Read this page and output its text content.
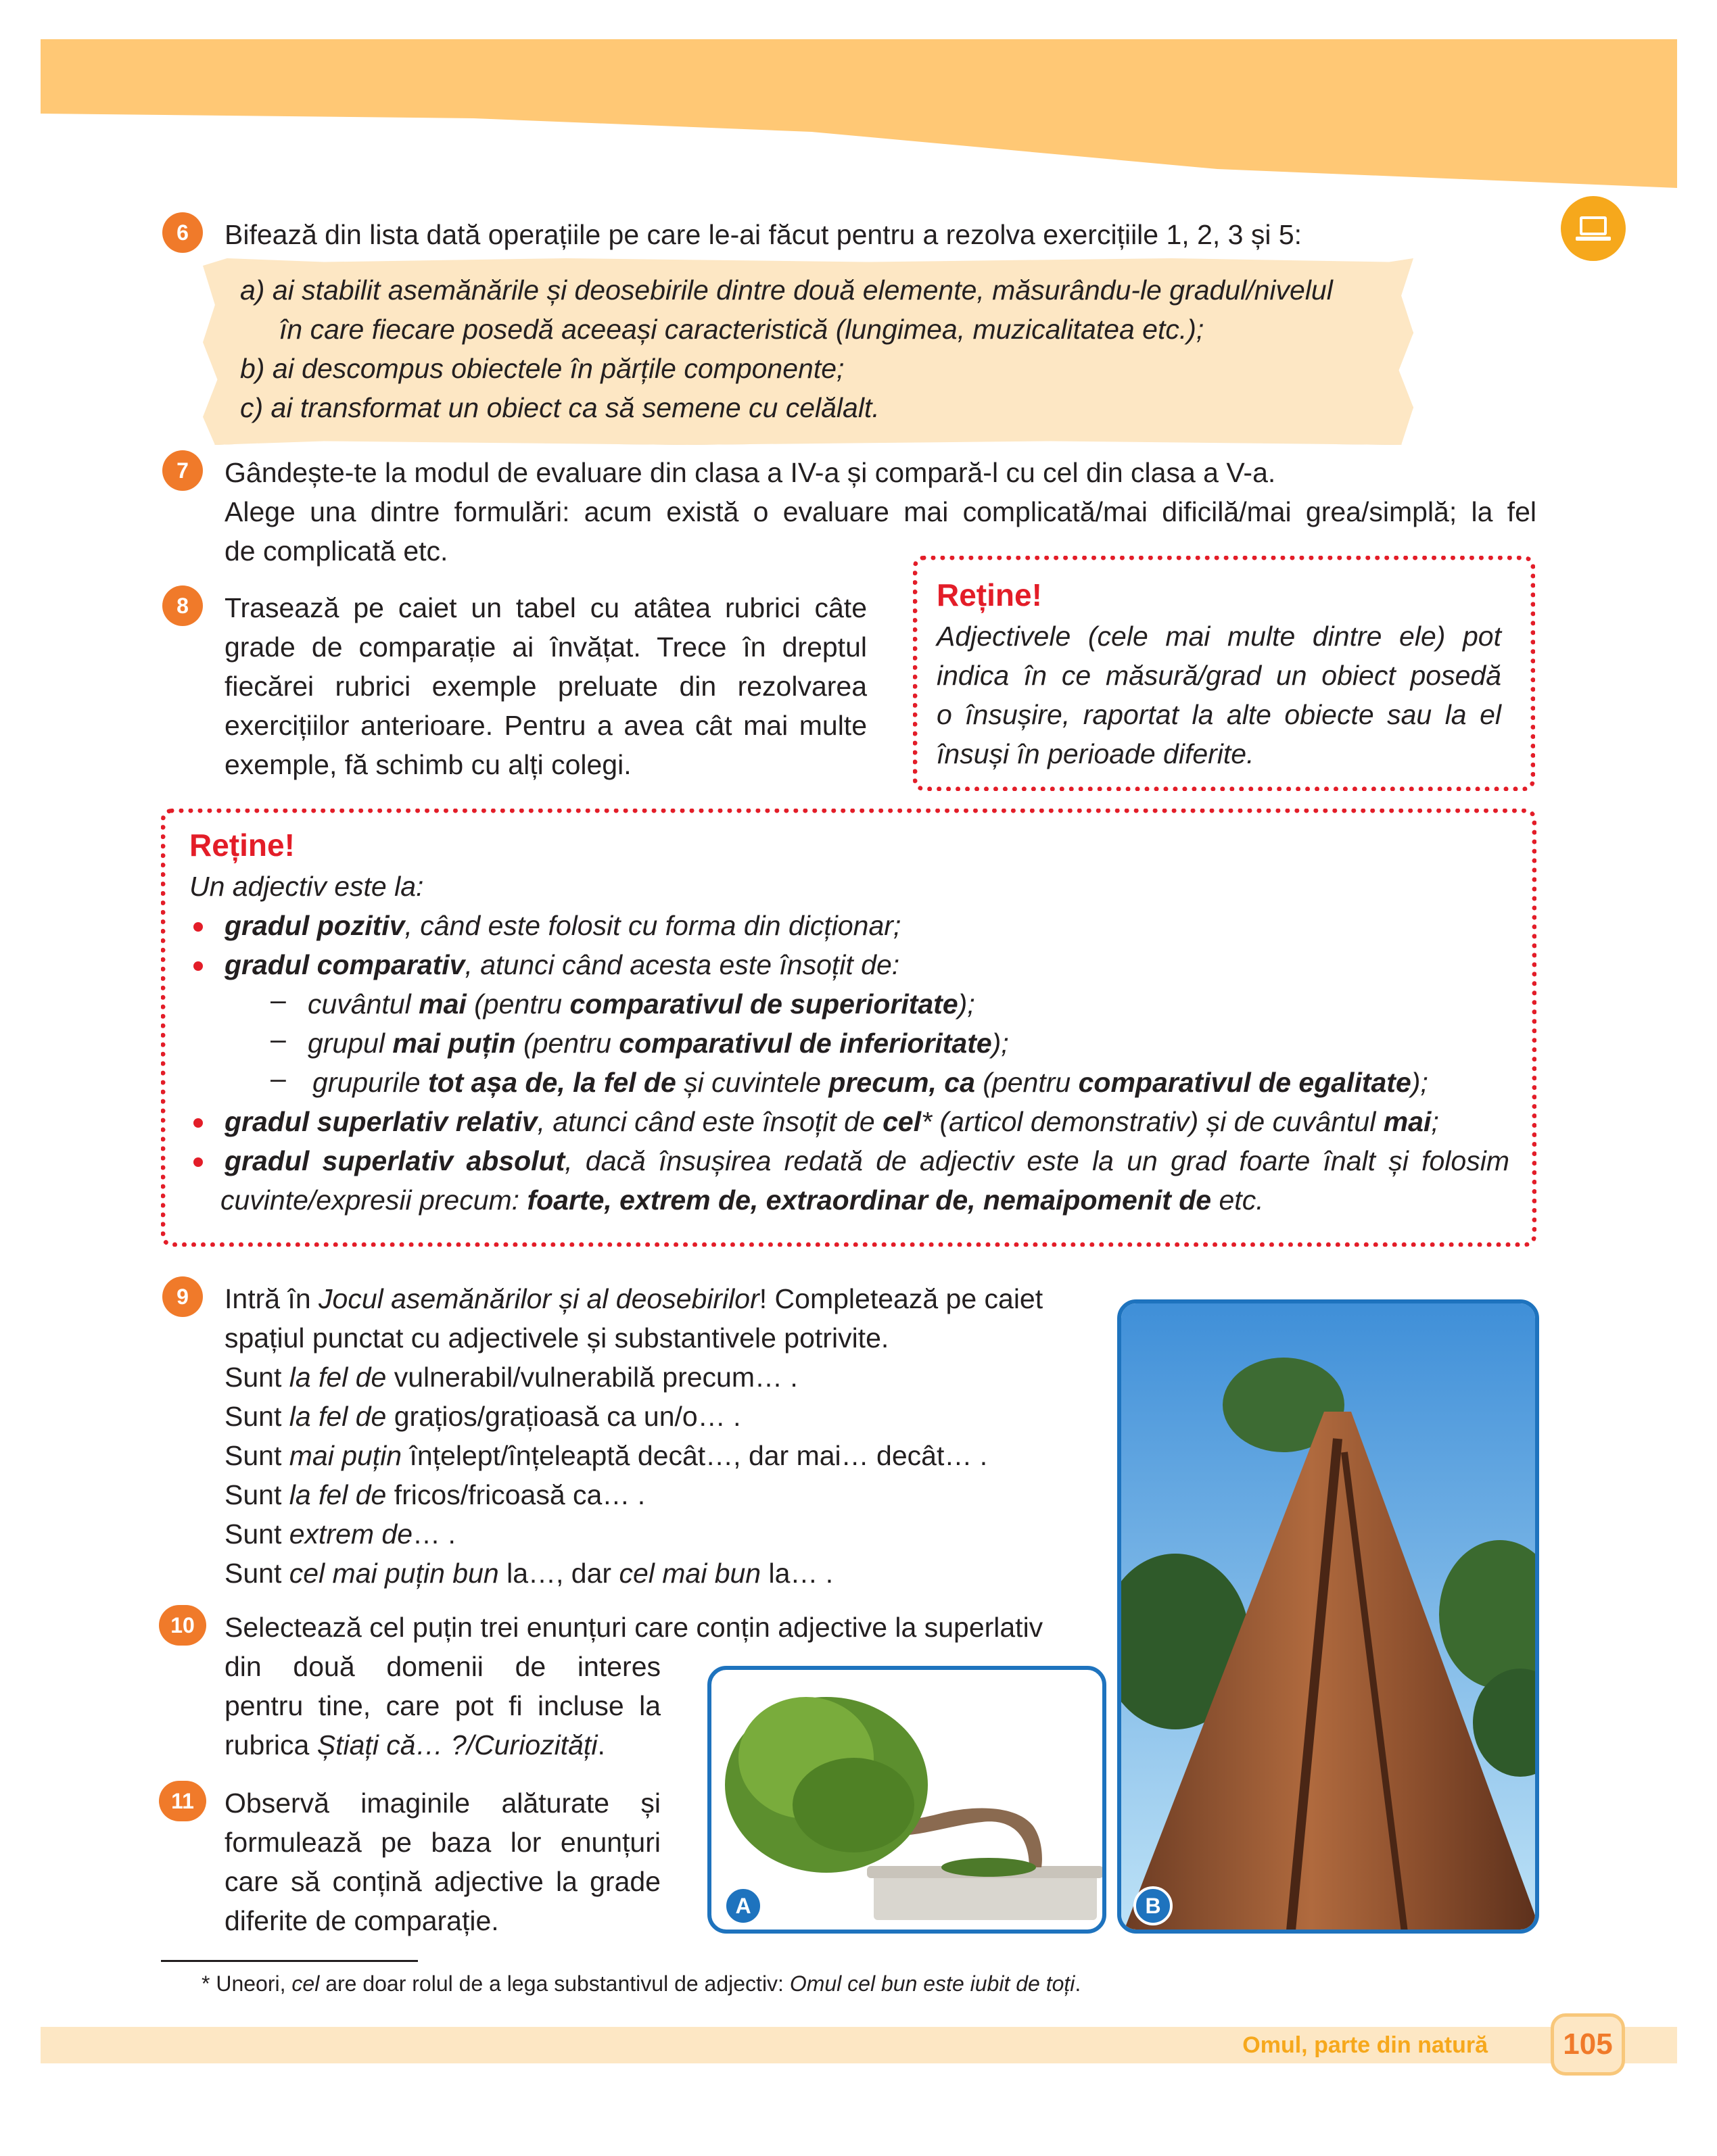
6	Bifează din lista dată operațiile pe care le-ai făcut pentru a rezolva exercițiile 1, 2, 3 și 5:
a) ai stabilit asemănările și deosebirile dintre două elemente, măsurându-le gradul/nivelul
în care fiecare posedă aceeași caracteristică (lungimea, muzicalitatea etc.);
b) ai descompus obiectele în părțile componente;
c) ai transformat un obiect ca să semene cu celălalt.
7	Gândește-te la modul de evaluare din clasa a IV-a și compară-l cu cel din clasa a V-a.
Alege una dintre formulări: acum există o evaluare mai complicată/mai dificilă/mai grea/simplă; la fel
de complicată etc.
8	Trasează pe caiet un tabel cu atâtea rubrici câte
grade de comparație ai învățat. Trece în dreptul
fiecărei rubrici exemple preluate din rezolvarea
exercițiilor anterioare. Pentru a avea cât mai multe
exemple, fă schimb cu alți colegi.
Reține!
Adjectivele (cele mai multe dintre ele) pot
indica în ce măsură/grad un obiect posedă
o însușire, raportat la alte obiecte sau la el
însuși în perioade diferite.
Reține!
Un adjectiv este la:
gradul pozitiv, când este folosit cu forma din dicționar;
gradul comparativ, atunci când acesta este însoțit de:
– cuvântul mai (pentru comparativul de superioritate);
– grupul mai puțin (pentru comparativul de inferioritate);
– grupurile tot așa de, la fel de și cuvintele precum, ca (pentru comparativul de egalitate);
gradul superlativ relativ, atunci când este însoțit de cel* (articol demonstrativ) și de cuvântul mai;
gradul superlativ absolut, dacă însușirea redată de adjectiv este la un grad foarte înalt și folosim
cuvinte/expresii precum: foarte, extrem de, extraordinar de, nemaipomenit de etc.
9	Intră în Jocul asemănărilor și al deosebirilor! Completează pe caiet
spațiul punctat cu adjectivele și substantivele potrivite.
Sunt la fel de vulnerabil/vulnerabilă precum… .
Sunt la fel de grațios/grațioasă ca un/o… .
Sunt mai puțin înțelept/înțeleaptă decât…, dar mai… decât… .
Sunt la fel de fricos/fricoasă ca… .
Sunt extrem de… .
Sunt cel mai puțin bun la…, dar cel mai bun la… .
10	Selectează cel puțin trei enunțuri care conțin adjective la superlativ
din două domenii de interes
pentru tine, care pot fi incluse la
rubrica Știați că… ?/Curiozități.
11	Observă imaginile alăturate și
formulează pe baza lor enunțuri
care să conțină adjective la grade
diferite de comparație.	A	B
* Uneori, cel are doar rolul de a lega substantivul de adjectiv: Omul cel bun este iubit de toți.
Omul, parte din natură	105
